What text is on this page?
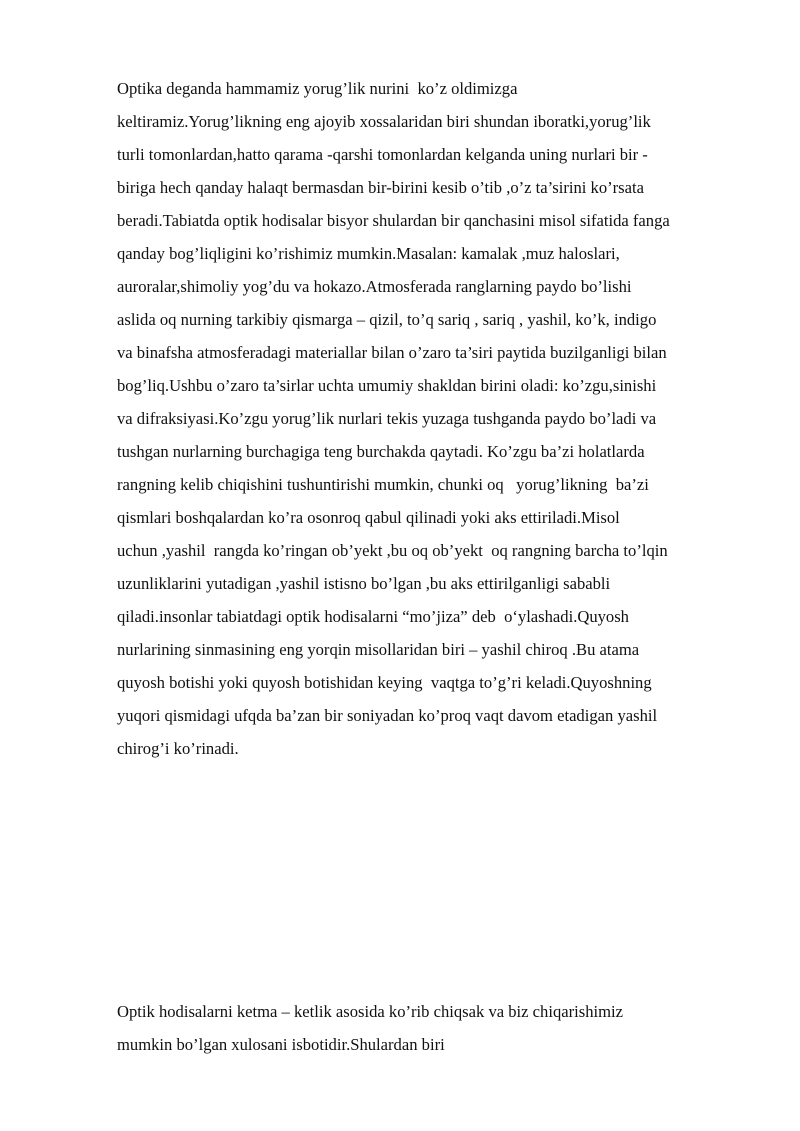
Optika deganda hammamiz yorug’lik nurini  ko’z oldimizga
keltiramiz.Yorug’likning eng ajoyib xossalaridan biri shundan iboratki,yorug’lik
turli tomonlardan,hatto qarama -qarshi tomonlardan kelganda uning nurlari bir -
biriga hech qanday halaqt bermasdan bir-birini kesib o’tib ,o’z ta’sirini ko’rsata
beradi.Tabiatda optik hodisalar bisyor shulardan bir qanchasini misol sifatida fanga
qanday bog’liqligini ko’rishimiz mumkin.Masalan: kamalak ,muz haloslari,
auroralar,shimoliy yog’du va hokazo.Atmosferada ranglarning paydo bo’lishi
aslida oq nurning tarkibiy qismarga – qizil, to’q sariq , sariq , yashil, ko’k, indigo
va binafsha atmosferadagi materiallar bilan o’zaro ta’siri paytida buzilganligi bilan
bog’liq.Ushbu o’zaro ta’sirlar uchta umumiy shakldan birini oladi: ko’zgu,sinishi
va difraksiyasi.Ko’zgu yorug’lik nurlari tekis yuzaga tushganda paydo bo’ladi va
tushgan nurlarning burchagiga teng burchakda qaytadi. Ko’zgu ba’zi holatlarda
rangning kelib chiqishini tushuntirishi mumkin, chunki oq   yorug’likning  ba’zi
qismlari boshqalardan ko’ra osonroq qabul qilinadi yoki aks ettiriladi.Misol
uchun ,yashil  rangda ko’ringan ob’yekt ,bu oq ob’yekt  oq rangning barcha to’lqin
uzunliklarini yutadigan ,yashil istisno bo’lgan ,bu aks ettirilganligi sababli
qiladi.insonlar tabiatdagi optik hodisalarni “mo’jiza” deb  o‘ylashadi.Quyosh
nurlarining sinmasining eng yorqin misollaridan biri – yashil chiroq .Bu atama
quyosh botishi yoki quyosh botishidan keying  vaqtga to’g’ri keladi.Quyoshning
yuqori qismidagi ufqda ba’zan bir soniyadan ko’proq vaqt davom etadigan yashil
chirog’i ko’rinadi.
Optik hodisalarni ketma – ketlik asosida ko’rib chiqsak va biz chiqarishimiz
mumkin bo’lgan xulosani isbotidir.Shulardan biri
